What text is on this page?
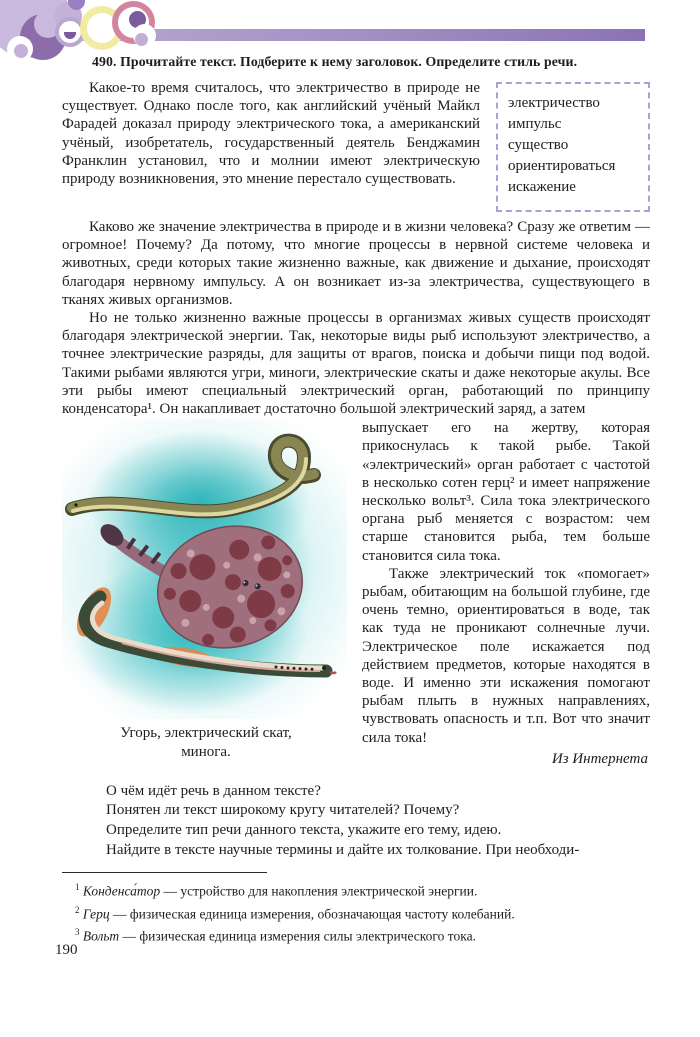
490. Прочитайте текст. Подберите к нему заголовок. Определите стиль речи.

электричество
импульс
существо
ориентироваться
искажение

Какое-то время считалось, что электричество в природе не существует. Однако после того, как английский учёный Майкл Фарадей доказал природу электрического тока, а американский учёный, изобретатель, государственный деятель Бенджамин Франклин установил, что и молнии имеют электрическую природу возникновения, это мнение перестало существовать.

Каково же значение электричества в природе и в жизни человека? Сразу же ответим — огромное! Почему? Да потому, что многие процессы в нервной системе человека и животных, среди которых такие жизненно важные, как движение и дыхание, происходят благодаря нервному импульсу. А он возникает из-за электричества, существующего в тканях живых организмов.

Но не только жизненно важные процессы в организмах живых существ происходят благодаря электрической энергии. Так, некоторые виды рыб используют электричество, а точнее электрические разряды, для защиты от врагов, поиска и добычи пищи под водой. Такими рыбами являются угри, миноги, электрические скаты и даже некоторые акулы. Все эти рыбы имеют специальный электрический орган, работающий по принципу конденсатора¹. Он накапливает достаточно большой электрический заряд, а затем

Угорь, электрический скат,
минога.

выпускает его на жертву, которая прикоснулась к такой рыбе. Такой «электрический» орган работает с частотой в несколько сотен герц² и имеет напряжение несколько вольт³. Сила тока электрического органа рыб меняется с возрастом: чем старше становится рыба, тем больше становится сила тока.

Также электрический ток «помогает» рыбам, обитающим на большой глубине, где очень темно, ориентироваться в воде, так как туда не проникают солнечные лучи. Электрическое поле искажается под действием предметов, которые находятся в воде. И именно эти искажения помогают рыбам плыть в нужных направлениях, чувствовать опасность и т.п. Вот что значит сила тока!

Из Интернета
О чём идёт речь в данном тексте?
Понятен ли текст широкому кругу читателей? Почему?
Определите тип речи данного текста, укажите его тему, идею.
Найдите в тексте научные термины и дайте их толкование. При необходи-
$^1$ Конденса́тор — устройство для накопления электрической энергии.
$^2$ Герц — физическая единица измерения, обозначающая частоту колебаний.
$^3$ Вольт — физическая единица измерения силы электрического тока.
190
